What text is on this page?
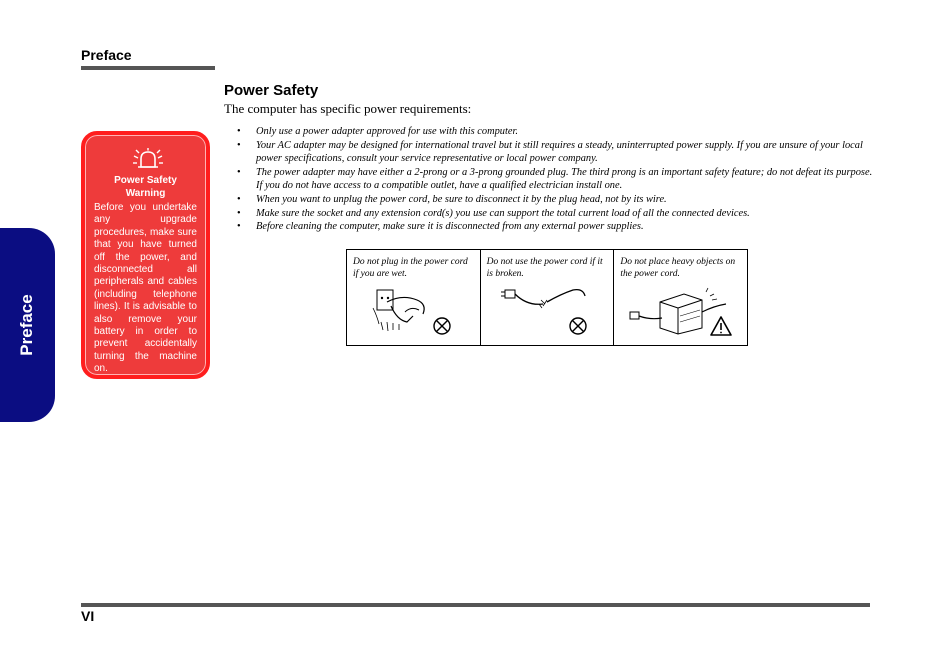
Preface
Preface
Power Safety
Warning
Before you undertake any upgrade procedures, make sure that you have turned off the power, and disconnected all peripherals and cables (including telephone lines). It is advisable to also remove your battery in order to prevent accidentally turning the machine on.
Power Safety
The computer has specific power requirements:
• Only use a power adapter approved for use with this computer.
• Your AC adapter may be designed for international travel but it still requires a steady, uninterrupted power supply. If you are unsure of your local power specifications, consult your service representative or local power company.
• The power adapter may have either a 2-prong or a 3-prong grounded plug. The third prong is an important safety feature; do not defeat its purpose. If you do not have access to a compatible outlet, have a qualified electrician install one.
• When you want to unplug the power cord, be sure to disconnect it by the plug head, not by its wire.
• Make sure the socket and any extension cord(s) you use can support the total current load of all the connected devices.
• Before cleaning the computer, make sure it is disconnected from any external power supplies.
Do not plug in the power cord if you are wet.
Do not use the power cord if it is broken.
Do not place heavy objects on the power cord.
VI
